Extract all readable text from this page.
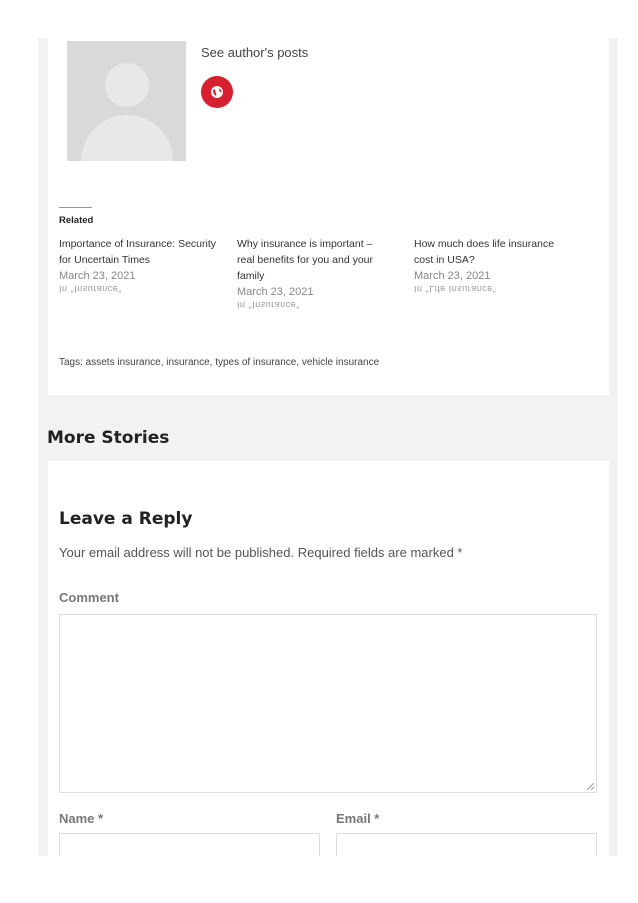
See author's posts
Related
Importance of Insurance: Security for Uncertain Times
March 23, 2021
In "Insurance"
Why insurance is important – real benefits for you and your family
March 23, 2021
In "Insurance"
How much does life insurance cost in USA?
March 23, 2021
In "Life Insurance"
Tags: assets insurance, insurance, types of insurance, vehicle insurance
More Stories
Leave a Reply
Your email address will not be published. Required fields are marked *
Comment
Name *	Email *
